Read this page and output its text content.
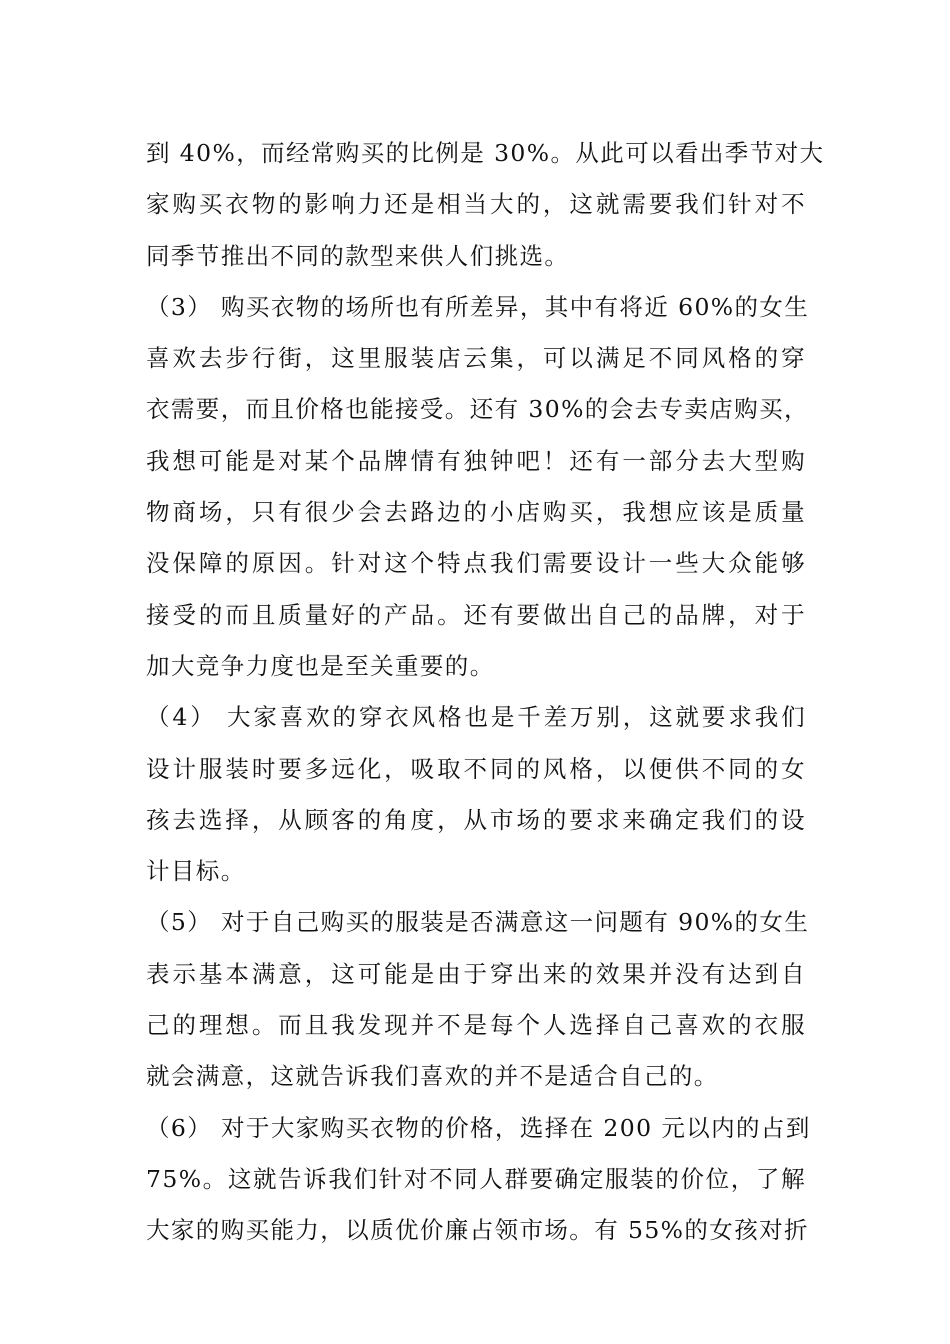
到 40%，而经常购买的比例是 30%。从此可以看出季节对大
家购买衣物的影响力还是相当大的，这就需要我们针对不
同季节推出不同的款型来供人们挑选。
（3） 购买衣物的场所也有所差异，其中有将近 60%的女生
喜欢去步行街，这里服装店云集，可以满足不同风格的穿
衣需要，而且价格也能接受。还有 30%的会去专卖店购买，
我想可能是对某个品牌情有独钟吧！还有一部分去大型购
物商场，只有很少会去路边的小店购买，我想应该是质量
没保障的原因。针对这个特点我们需要设计一些大众能够
接受的而且质量好的产品。还有要做出自己的品牌，对于
加大竞争力度也是至关重要的。
（4） 大家喜欢的穿衣风格也是千差万别，这就要求我们
设计服装时要多远化，吸取不同的风格，以便供不同的女
孩去选择，从顾客的角度，从市场的要求来确定我们的设
计目标。
（5） 对于自己购买的服装是否满意这一问题有 90%的女生
表示基本满意，这可能是由于穿出来的效果并没有达到自
己的理想。而且我发现并不是每个人选择自己喜欢的衣服
就会满意，这就告诉我们喜欢的并不是适合自己的。
（6） 对于大家购买衣物的价格，选择在 200 元以内的占到
75%。这就告诉我们针对不同人群要确定服装的价位，了解
大家的购买能力，以质优价廉占领市场。有 55%的女孩对折
